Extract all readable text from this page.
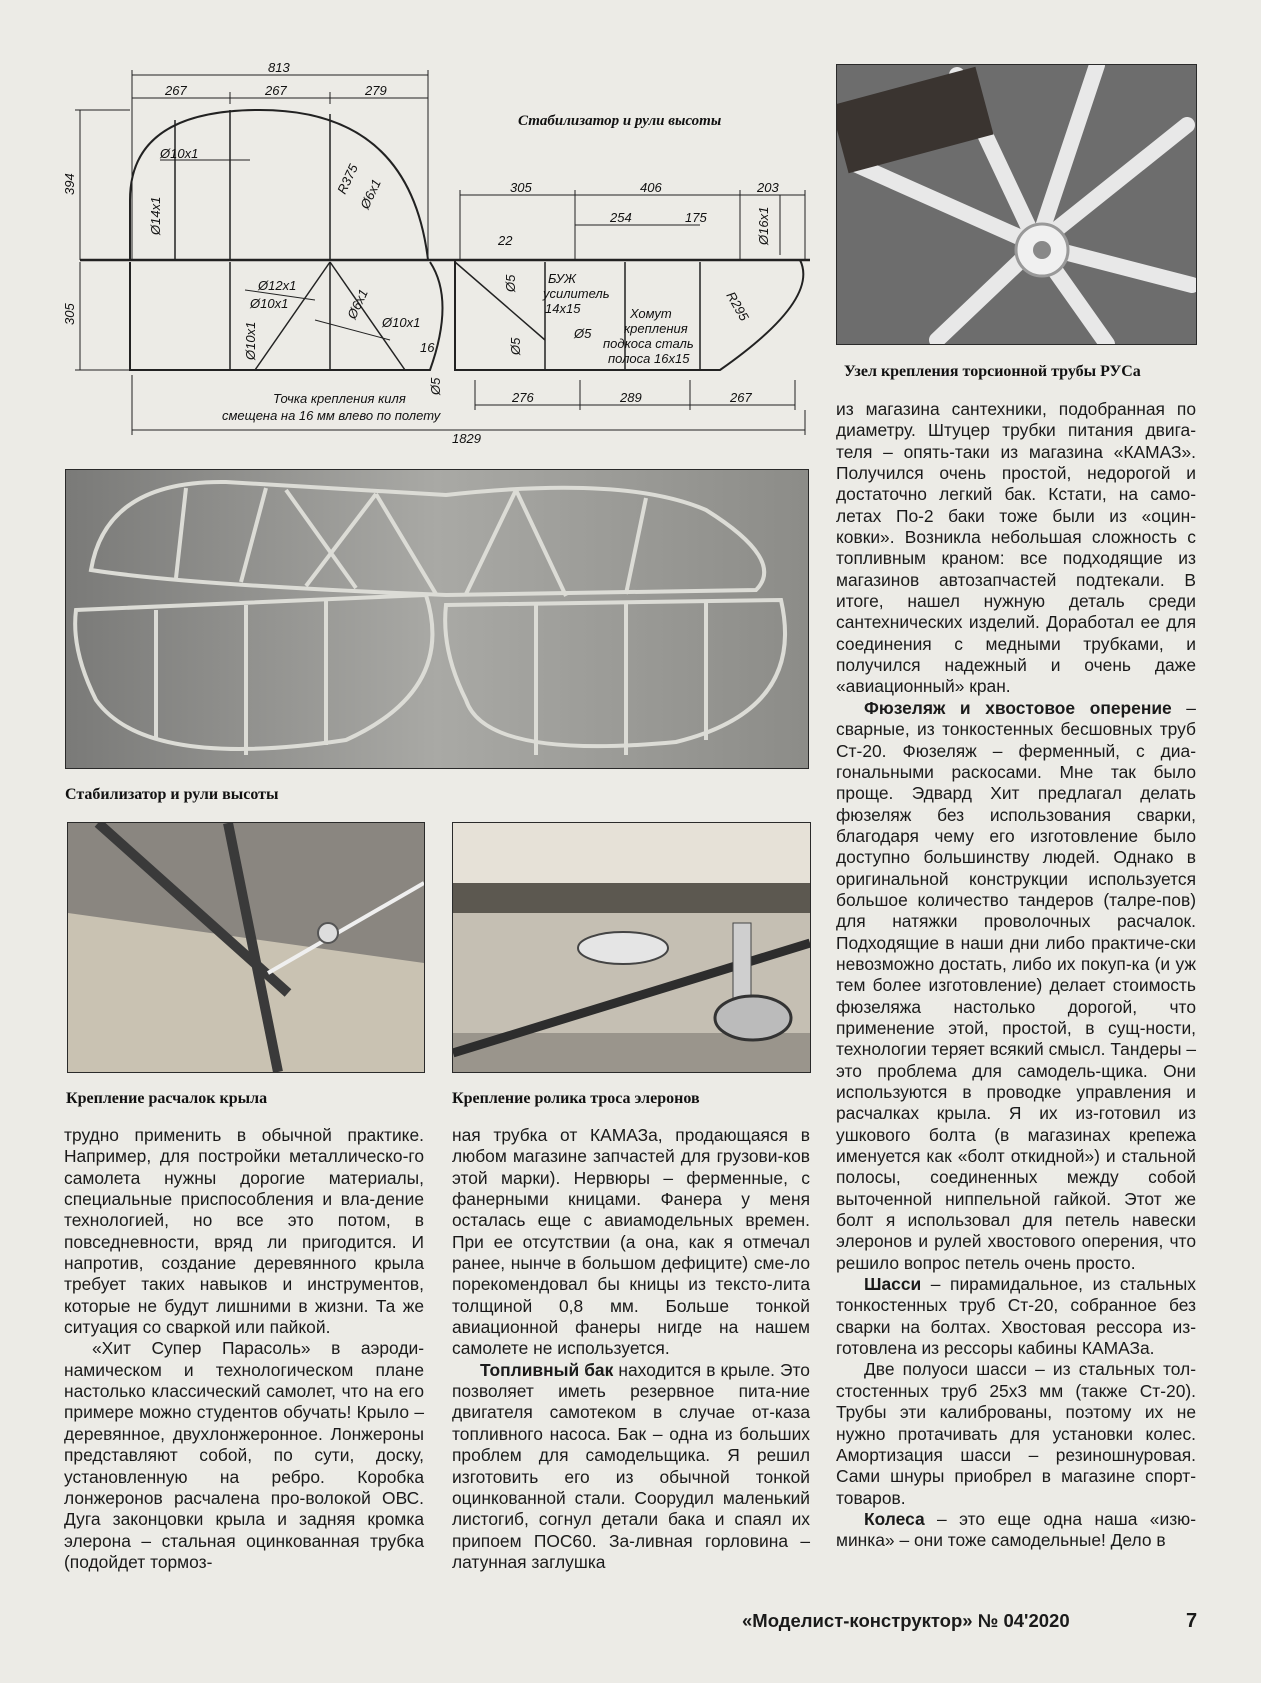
813
267	267	279
394
305
Ø10x1
Ø14x1
R375
Ø6x1
Ø12x1
Ø10x1
Ø10x1
Ø6x1
Ø10x1
16
Ø5
22
Ø5
Ø5
Ø5
305	406	203
254	175	Ø16x1
R295
БУЖ
усилитель
14x15	Хомут
крепления
подкоса сталь
полоса 16x15
276	289	267
Точка крепления киля
смещена на 16 мм влево по полету
1829
Стабилизатор и рули высоты
Узел крепления торсионной трубы РУСа
Стабилизатор и рули высоты
Крепление расчалок крыла	Крепление ролика троса элеронов

трудно применить в обычной практике. Например, для постройки металлическо-го самолета нужны дорогие материалы, специальные приспособления и вла-дение технологией, но все это потом, в повседневности, вряд ли пригодится. И напротив, создание деревянного крыла требует таких навыков и инструментов, которые не будут лишними в жизни. Та же ситуация со сваркой или пайкой.

«Хит Супер Парасоль» в аэроди-намическом и технологическом плане настолько классический самолет, что на его примере можно студентов обучать! Крыло – деревянное, двухлонжеронное. Лонжероны представляют собой, по сути, доску, установленную на ребро. Коробка лонжеронов расчалена про-волокой ОВС. Дуга законцовки крыла и задняя кромка элерона – стальная оцинкованная трубка (подойдет тормоз-

ная трубка от КАМАЗа, продающаяся в любом магазине запчастей для грузови-ков этой марки). Нервюры – ферменные, с фанерными кницами. Фанера у меня осталась еще с авиамодельных времен. При ее отсутствии (а она, как я отмечал ранее, нынче в большом дефиците) сме-ло порекомендовал бы кницы из тексто-лита толщиной 0,8 мм. Больше тонкой авиационной фанеры нигде на нашем самолете не используется.

Топливный бак находится в крыле. Это позволяет иметь резервное пита-ние двигателя самотеком в случае от-каза топливного насоса. Бак – одна из больших проблем для самодельщика. Я решил изготовить его из обычной тонкой оцинкованной стали. Соорудил маленький листогиб, согнул детали бака и спаял их припоем ПОС60. За-ливная горловина – латунная заглушка

из магазина сантехники, подобранная по диаметру. Штуцер трубки питания двига-теля – опять-таки из магазина «КАМАЗ». Получился очень простой, недорогой и достаточно легкий бак. Кстати, на само-летах По-2 баки тоже были из «оцин-ковки». Возникла небольшая сложность с топливным краном: все подходящие из магазинов автозапчастей подтекали. В итоге, нашел нужную деталь среди сантехнических изделий. Доработал ее для соединения с медными трубками, и получился надежный и очень даже «авиационный» кран.

Фюзеляж и хвостовое оперение – сварные, из тонкостенных бесшовных труб Ст-20. Фюзеляж – ферменный, с диа-гональными раскосами. Мне так было проще. Эдвард Хит предлагал делать фюзеляж без использования сварки, благодаря чему его изготовление было доступно большинству людей. Однако в оригинальной конструкции используется большое количество тандеров (талре-пов) для натяжки проволочных расчалок. Подходящие в наши дни либо практиче-ски невозможно достать, либо их покуп-ка (и уж тем более изготовление) делает стоимость фюзеляжа настолько дорогой, что применение этой, простой, в сущ-ности, технологии теряет всякий смысл. Тандеры – это проблема для самодель-щика. Они используются в проводке управления и расчалках крыла. Я их из-готовил из ушкового болта (в магазинах крепежа именуется как «болт откидной») и стальной полосы, соединенных между собой выточенной ниппельной гайкой. Этот же болт я использовал для петель навески элеронов и рулей хвостового оперения, что решило вопрос петель очень просто.

Шасси – пирамидальное, из стальных тонкостенных труб Ст-20, собранное без сварки на болтах. Хвостовая рессора из-готовлена из рессоры кабины КАМАЗа.

Две полуоси шасси – из стальных тол-стостенных труб 25x3 мм (также Ст-20). Трубы эти калиброваны, поэтому их не нужно протачивать для установки колес. Амортизация шасси – резиношнуровая. Сами шнуры приобрел в магазине спорт-товаров.

Колеса – это еще одна наша «изю-минка» – они тоже самодельные! Дело в

«Моделист-конструктор» № 04'2020	7
